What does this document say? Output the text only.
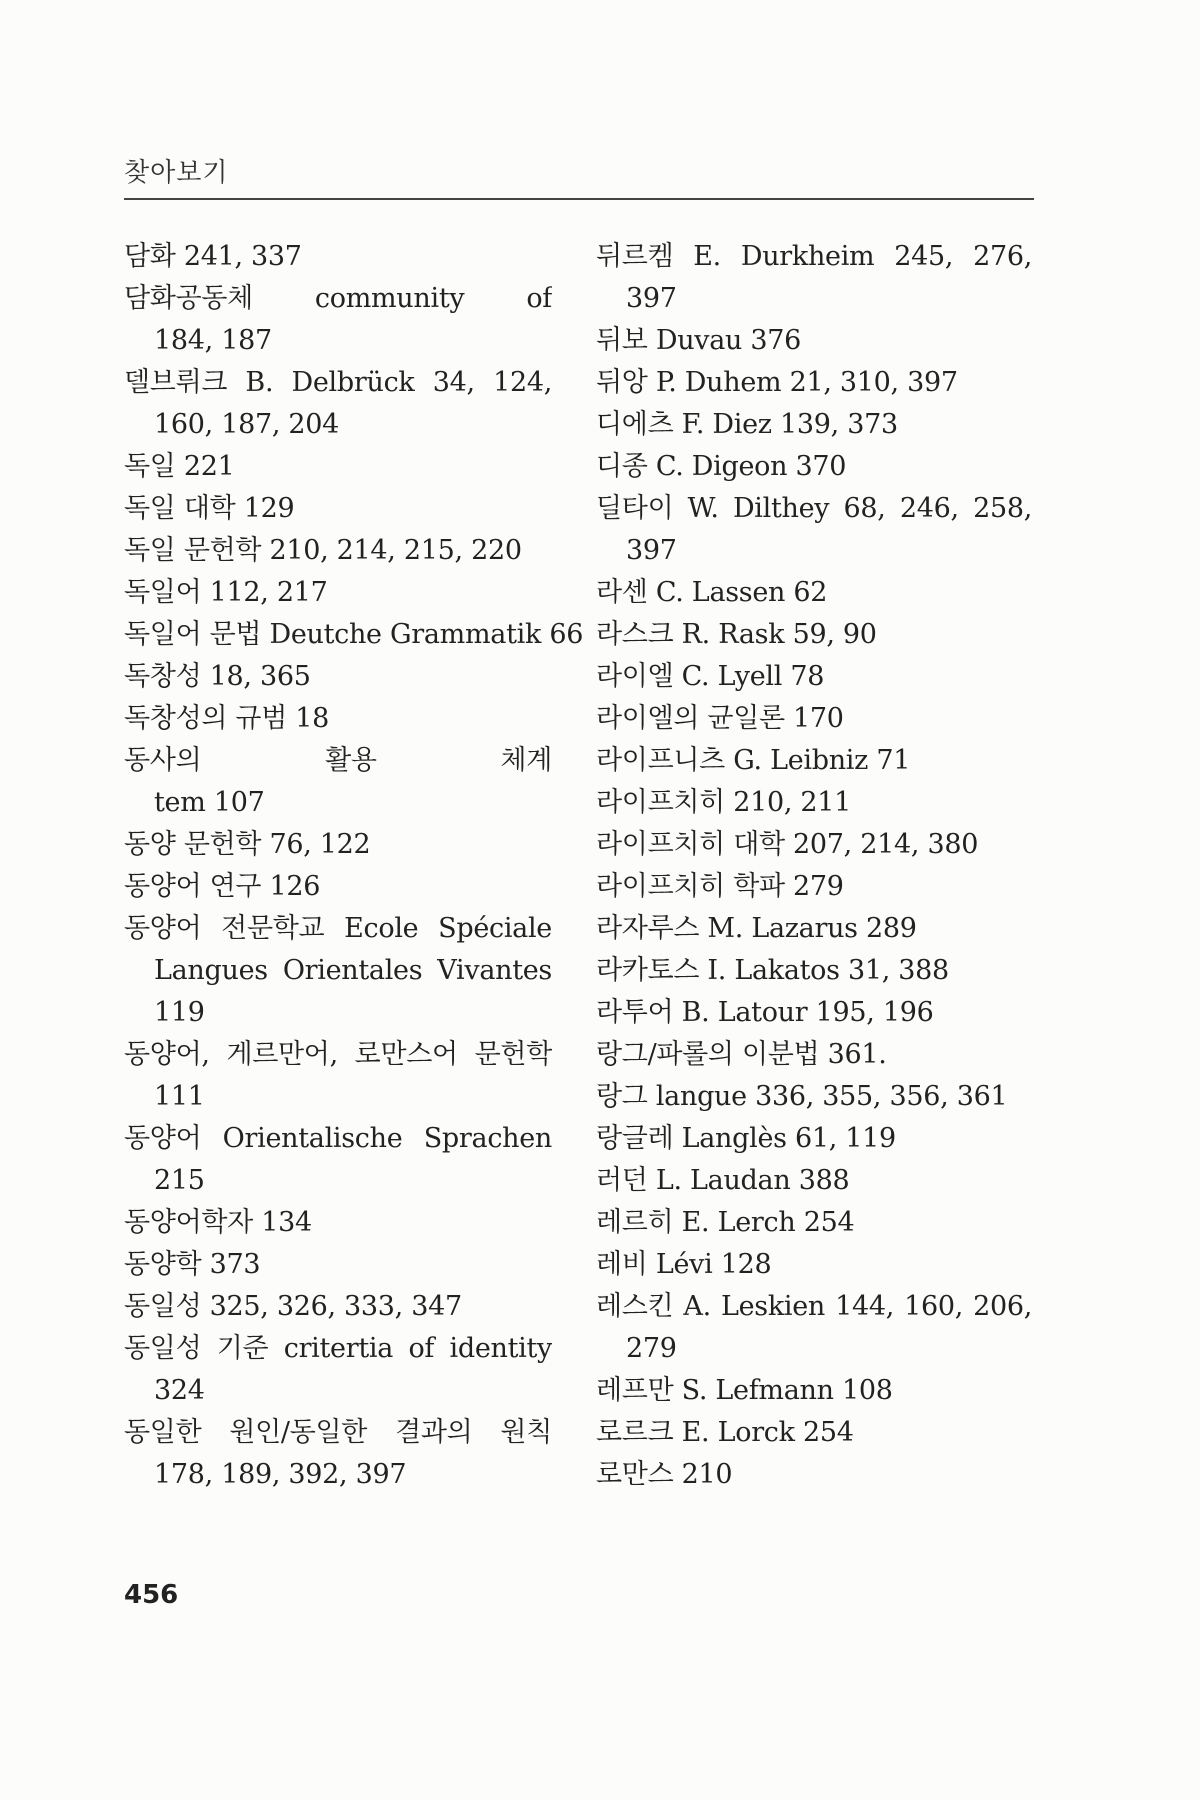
찾아보기
담화 241, 337
담화공동체 community of
184, 187
델브뤼크 B. Delbrück 34, 124,
160, 187, 204
독일 221
독일 대학 129
독일 문헌학 210, 214, 215, 220
독일어 112, 217
독일어 문법 Deutche Grammatik 66
독창성 18, 365
독창성의 규범 18
동사의 활용 체계
tem 107
동양 문헌학 76, 122
동양어 연구 126
동양어 전문학교 Ecole Spéciale
Langues Orientales Vivantes
119
동양어, 게르만어, 로만스어 문헌학
111
동양어 Orientalische Sprachen
215
동양어학자 134
동양학 373
동일성 325, 326, 333, 347
동일성 기준 critertia of identity
324
동일한 원인/동일한 결과의 원칙
178, 189, 392, 397
뒤르켐 E. Durkheim 245, 276,
397
뒤보 Duvau 376
뒤앙 P. Duhem 21, 310, 397
디에츠 F. Diez 139, 373
디종 C. Digeon 370
딜타이 W. Dilthey 68, 246, 258,
397
라센 C. Lassen 62
라스크 R. Rask 59, 90
라이엘 C. Lyell 78
라이엘의 균일론 170
라이프니츠 G. Leibniz 71
라이프치히 210, 211
라이프치히 대학 207, 214, 380
라이프치히 학파 279
라자루스 M. Lazarus 289
라카토스 I. Lakatos 31, 388
라투어 B. Latour 195, 196
랑그/파롤의 이분법 361.
랑그 langue 336, 355, 356, 361
랑글레 Langlès 61, 119
러던 L. Laudan 388
레르히 E. Lerch 254
레비 Lévi 128
레스킨 A. Leskien 144, 160, 206,
279
레프만 S. Lefmann 108
로르크 E. Lorck 254
로만스 210
456
